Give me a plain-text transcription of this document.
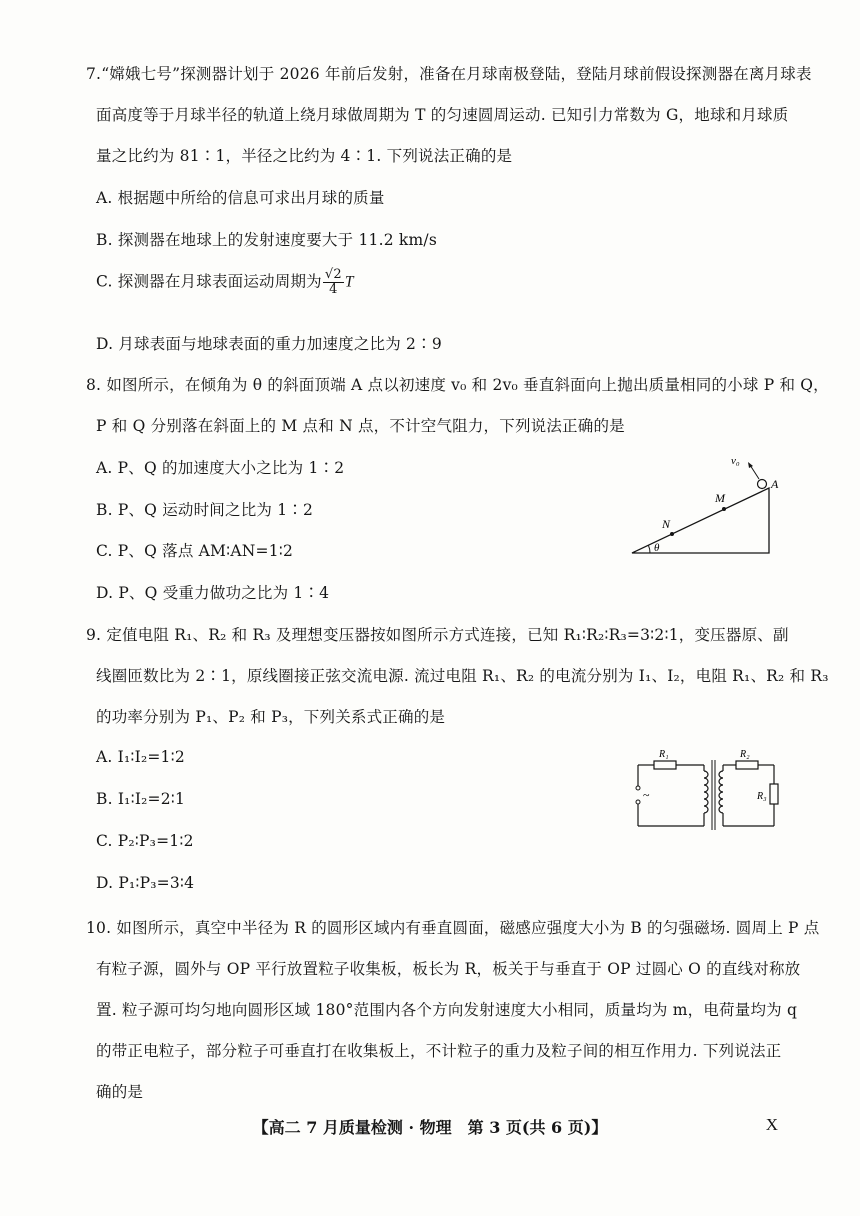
7.“嫦娥七号”探测器计划于 2026 年前后发射，准备在月球南极登陆，登陆月球前假设探测器在离月球表
面高度等于月球半径的轨道上绕月球做周期为 T 的匀速圆周运动. 已知引力常数为 G，地球和月球质
量之比约为 81∶1，半径之比约为 4∶1. 下列说法正确的是
A. 根据题中所给的信息可求出月球的质量
B. 探测器在地球上的发射速度要大于 11.2 km/s
C. 探测器在月球表面运动周期为 $\frac{√2}{4}$ T
D. 月球表面与地球表面的重力加速度之比为 2∶9
8. 如图所示，在倾角为 θ 的斜面顶端 A 点以初速度 v₀ 和 2v₀ 垂直斜面向上抛出质量相同的小球 P 和 Q，
P 和 Q 分别落在斜面上的 M 点和 N 点，不计空气阻力，下列说法正确的是
A. P、Q 的加速度大小之比为 1∶2
B. P、Q 运动时间之比为 1∶2
C. P、Q 落点 AM∶AN=1∶2
D. P、Q 受重力做功之比为 1∶4
v₀
A
M
N
θ
9. 定值电阻 R₁、R₂ 和 R₃ 及理想变压器按如图所示方式连接，已知 R₁∶R₂∶R₃=3∶2∶1，变压器原、副
线圈匝数比为 2∶1，原线圈接正弦交流电源. 流过电阻 R₁、R₂ 的电流分别为 I₁、I₂，电阻 R₁、R₂ 和 R₃
的功率分别为 P₁、P₂ 和 P₃，下列关系式正确的是
A. I₁∶I₂=1∶2
B. I₁∶I₂=2∶1
C. P₂∶P₃=1∶2
D. P₁∶P₃=3∶4
~
R₁	R₂
R₃
10. 如图所示，真空中半径为 R 的圆形区域内有垂直圆面，磁感应强度大小为 B 的匀强磁场. 圆周上 P 点
有粒子源，圆外与 OP 平行放置粒子收集板，板长为 R，板关于与垂直于 OP 过圆心 O 的直线对称放
置. 粒子源可均匀地向圆形区域 180°范围内各个方向发射速度大小相同，质量均为 m，电荷量均为 q
的带正电粒子，部分粒子可垂直打在收集板上，不计粒子的重力及粒子间的相互作用力. 下列说法正
确的是
【高二 7 月质量检测 · 物理　第 3 页(共 6 页)】	X
